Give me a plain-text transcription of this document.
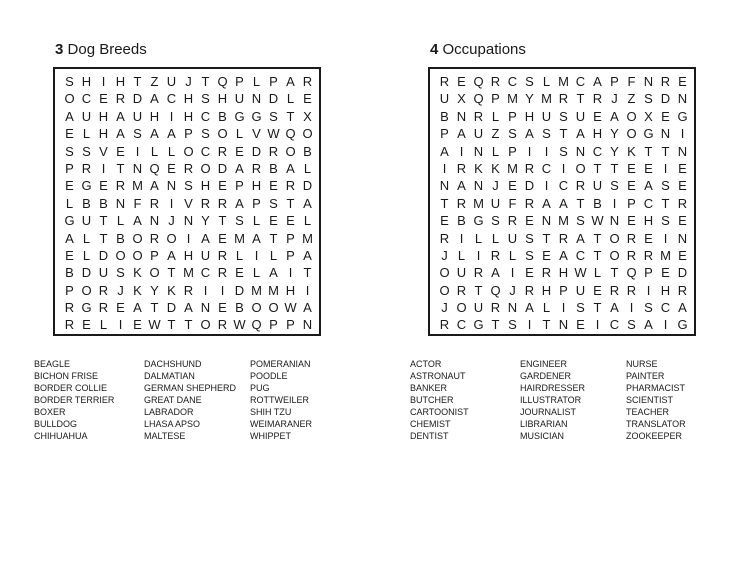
3 Dog Breeds
S H I H T Z U J T Q P L P A R
O C E R D A C H S H U N D L E
A U H A U H I H C B G G S T X
E L H A S A A P S O L V W Q O
S S V E I L L O C R E D R O B
P R I T N Q E R O D A R B A L
E G E R M A N S H E P H E R D
L B B N F R I V R R A P S T A
G U T L A N J N Y T S L E E L
A L T B O R O I A E M A T P M
E L D O O P A H U R L I L P A
B D U S K O T M C R E L A I T
P O R J K Y K R I	I D M M H I
R G R E A T D A N E B O O W A
R E L I E W T T O R W Q P P N
BEAGLE
BICHON FRISE
BORDER COLLIE
BORDER TERRIER
BOXER
BULLDOG
CHIHUAHUA
DACHSHUND
DALMATIAN
GERMAN SHEPHERD
GREAT DANE
LABRADOR
LHASA APSO
MALTESE
POMERANIAN
POODLE
PUG
ROTTWEILER
SHIH TZU
WEIMARANER
WHIPPET
4 Occupations
R E Q R C S L M C A P F N R E
U X Q P M Y M R T R J Z S D N
B N R L P H U S U E A O X E G
P A U Z S A S T A H Y O G N I
A I N L P I	I S N C Y K T T N
I R K K M R C I O T T E E I E
N A N J E D I C R U S E A S E
T R M U F R A A T B I P C T R
E B G S R E N M S W N E H S E
R I L L U S T R A T O R E I N
J L I R L S E A C T O R R M E
O U R A I E R H W L T Q P E D
O R T Q J R H P U E R R I H R
J O U R N A L I S T A I S C A
R C G T S I T N E I C S A I G
ACTOR
ASTRONAUT
BANKER
BUTCHER
CARTOONIST
CHEMIST
DENTIST
ENGINEER
GARDENER
HAIRDRESSER
ILLUSTRATOR
JOURNALIST
LIBRARIAN
MUSICIAN
NURSE
PAINTER
PHARMACIST
SCIENTIST
TEACHER
TRANSLATOR
ZOOKEEPER
